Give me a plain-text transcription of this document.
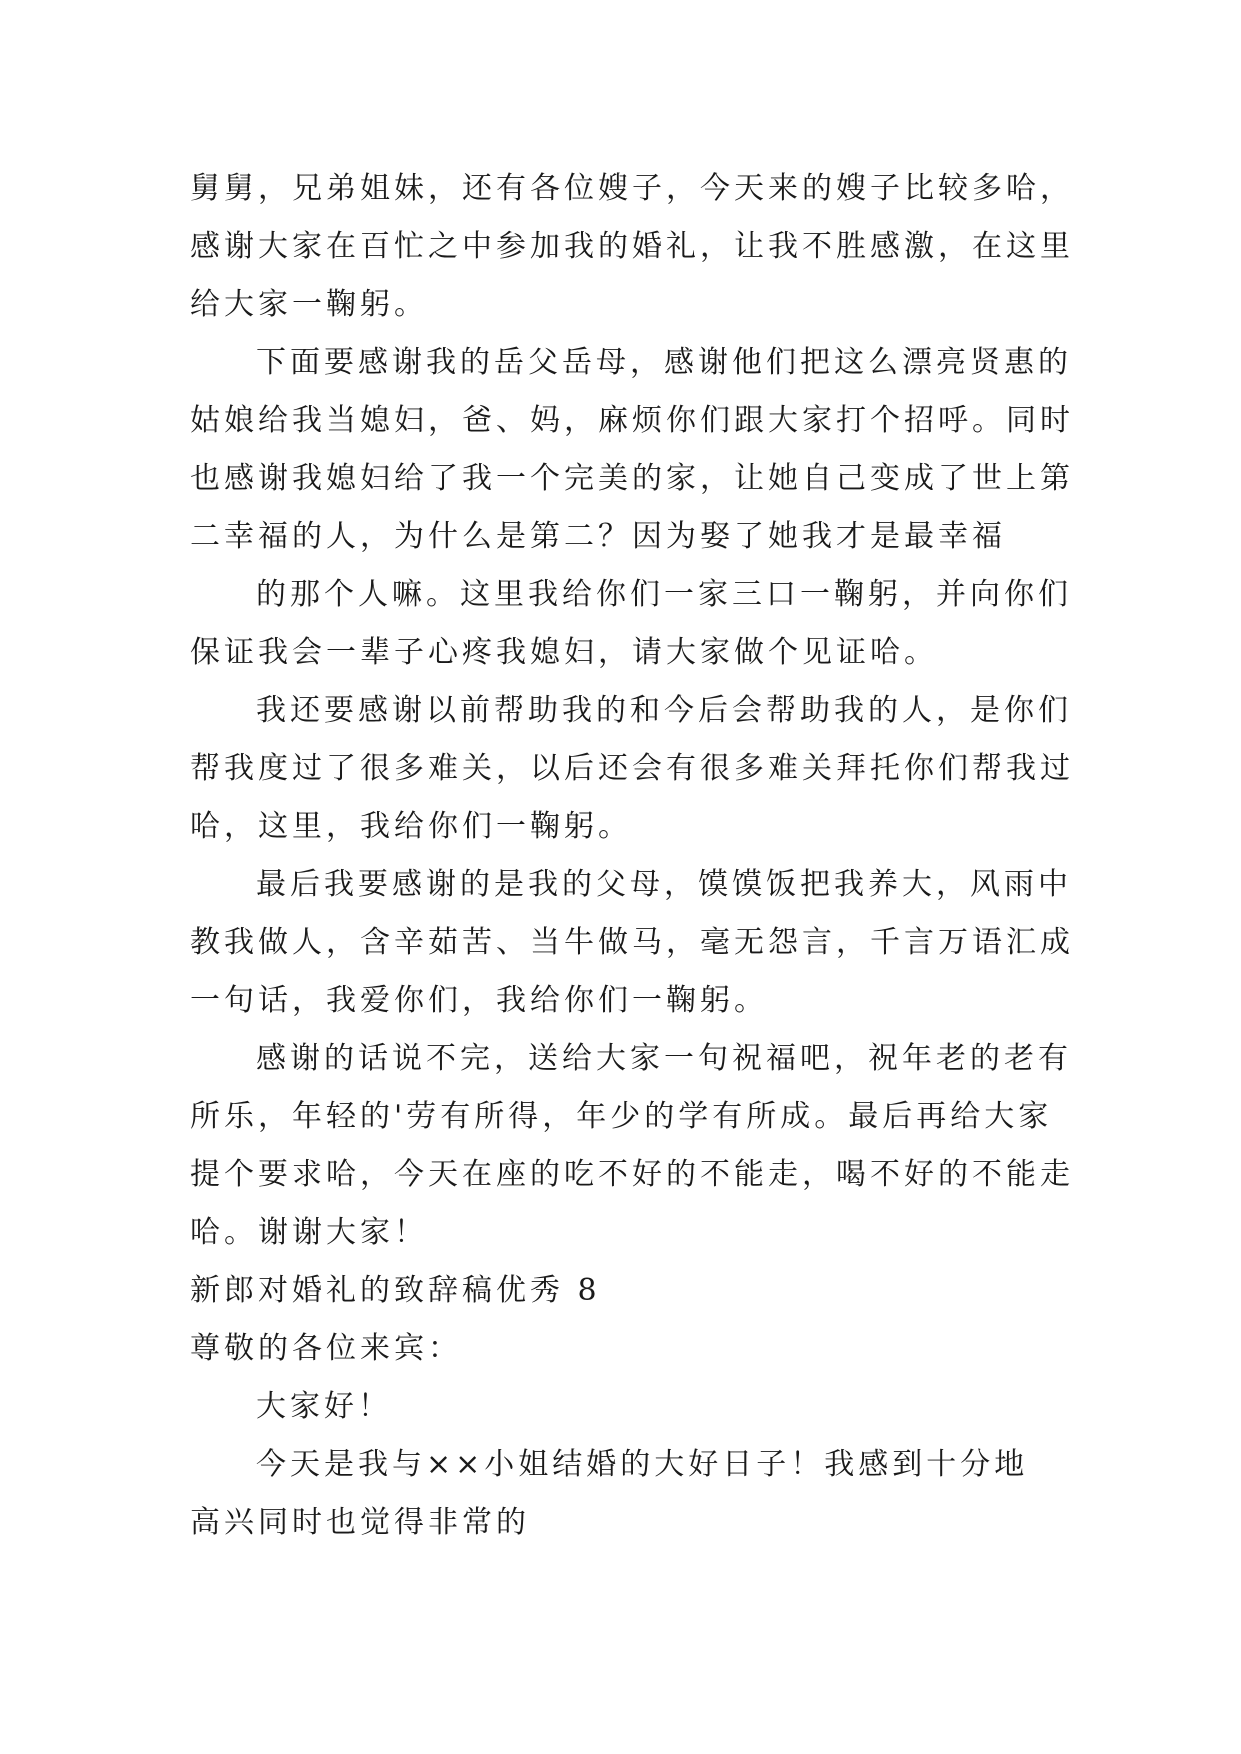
舅舅，兄弟姐妹，还有各位嫂子，今天来的嫂子比较多哈，
感谢大家在百忙之中参加我的婚礼，让我不胜感激，在这里
给大家一鞠躬。
下面要感谢我的岳父岳母，感谢他们把这么漂亮贤惠的
姑娘给我当媳妇，爸、妈，麻烦你们跟大家打个招呼。同时
也感谢我媳妇给了我一个完美的家，让她自己变成了世上第
二幸福的人，为什么是第二？因为娶了她我才是最幸福
的那个人嘛。这里我给你们一家三口一鞠躬，并向你们
保证我会一辈子心疼我媳妇，请大家做个见证哈。
我还要感谢以前帮助我的和今后会帮助我的人，是你们
帮我度过了很多难关，以后还会有很多难关拜托你们帮我过
哈，这里，我给你们一鞠躬。
最后我要感谢的是我的父母，馍馍饭把我养大，风雨中
教我做人，含辛茹苦、当牛做马，毫无怨言，千言万语汇成
一句话，我爱你们，我给你们一鞠躬。
感谢的话说不完，送给大家一句祝福吧，祝年老的老有
所乐，年轻的'劳有所得，年少的学有所成。最后再给大家
提个要求哈，今天在座的吃不好的不能走，喝不好的不能走
哈。谢谢大家！
新郎对婚礼的致辞稿优秀 8
尊敬的各位来宾：
大家好！
今天是我与××小姐结婚的大好日子！我感到十分地
高兴同时也觉得非常的
